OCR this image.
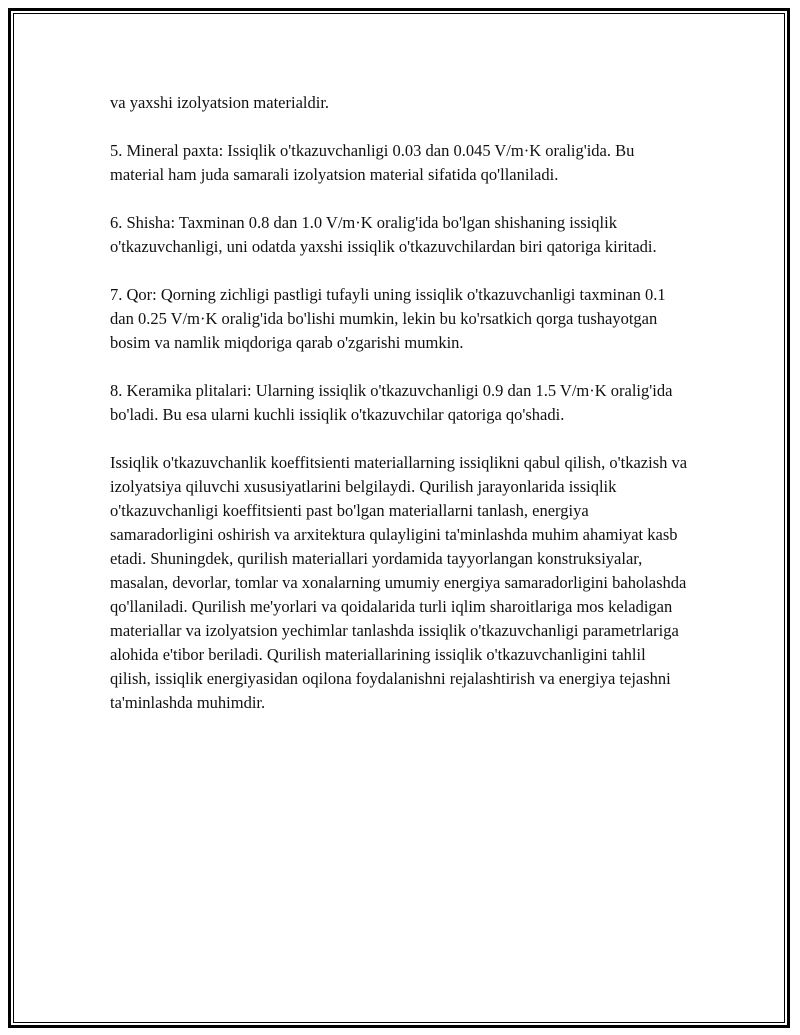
va yaxshi izolyatsion materialdir.

5. Mineral paxta: Issiqlik o'tkazuvchanligi 0.03 dan 0.045 V/m·K oralig'ida. Bu material ham juda samarali izolyatsion material sifatida qo'llaniladi.

6. Shisha: Taxminan 0.8 dan 1.0 V/m·K oralig'ida bo'lgan shishaning issiqlik o'tkazuvchanligi, uni odatda yaxshi issiqlik o'tkazuvchilardan biri qatoriga kiritadi.

7. Qor: Qorning zichligi pastligi tufayli uning issiqlik o'tkazuvchanligi taxminan 0.1 dan 0.25 V/m·K oralig'ida bo'lishi mumkin, lekin bu ko'rsatkich qorga tushayotgan bosim va namlik miqdoriga qarab o'zgarishi mumkin.

8. Keramika plitalari: Ularning issiqlik o'tkazuvchanligi 0.9 dan 1.5 V/m·K oralig'ida bo'ladi. Bu esa ularni kuchli issiqlik o'tkazuvchilar qatoriga qo'shadi.

Issiqlik o'tkazuvchanlik koeffitsienti materiallarning issiqlikni qabul qilish, o'tkazish va izolyatsiya qiluvchi xususiyatlarini belgilaydi. Qurilish jarayonlarida issiqlik o'tkazuvchanligi koeffitsienti past bo'lgan materiallarni tanlash, energiya samaradorligini oshirish va arxitektura qulayligini ta'minlashda muhim ahamiyat kasb etadi. Shuningdek, qurilish materiallari yordamida tayyorlangan konstruksiyalar, masalan, devorlar, tomlar va xonalarning umumiy energiya samaradorligini baholashda qo'llaniladi. Qurilish me'yorlari va qoidalarida turli iqlim sharoitlariga mos keladigan materiallar va izolyatsion yechimlar tanlashda issiqlik o'tkazuvchanligi parametrlariga alohida e'tibor beriladi. Qurilish materiallarining issiqlik o'tkazuvchanligini tahlil qilish, issiqlik energiyasidan oqilona foydalanishni rejalashtirish va energiya tejashni ta'minlashda muhimdir.
